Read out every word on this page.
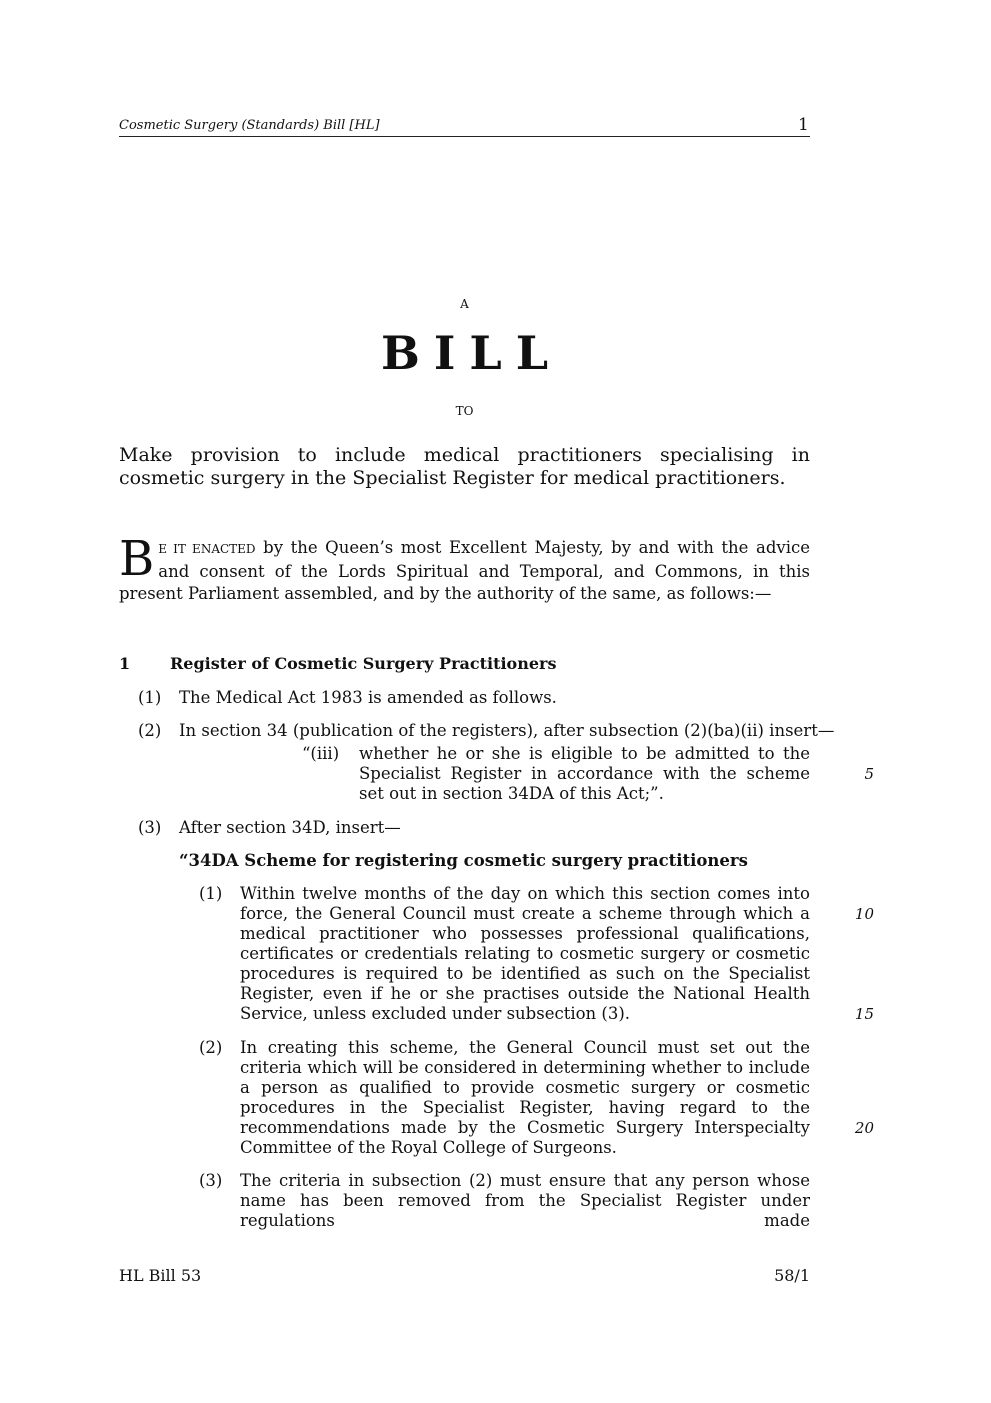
Cosmetic Surgery (Standards) Bill [HL]	1
A
BILL
TO
Make provision to include medical practitioners specialising in cosmetic surgery in the Specialist Register for medical practitioners.
B E IT ENACTED by the Queen’s most Excellent Majesty, by and with the advice and consent of the Lords Spiritual and Temporal, and Commons, in this present Parliament assembled, and by the authority of the same, as follows:—
1 Register of Cosmetic Surgery Practitioners
(1) The Medical Act 1983 is amended as follows.
(2) In section 34 (publication of the registers), after subsection (2)(ba)(ii) insert—
“(iii) whether he or she is eligible to be admitted to the Specialist Register in accordance with the scheme set out in section 34DA of this Act;”.
(3) After section 34D, insert—
“34DA Scheme for registering cosmetic surgery practitioners
(1) Within twelve months of the day on which this section comes into force, the General Council must create a scheme through which a medical practitioner who possesses professional qualifications, certificates or credentials relating to cosmetic surgery or cosmetic procedures is required to be identified as such on the Specialist Register, even if he or she practises outside the National Health Service, unless excluded under subsection (3).
(2) In creating this scheme, the General Council must set out the criteria which will be considered in determining whether to include a person as qualified to provide cosmetic surgery or cosmetic procedures in the Specialist Register, having regard to the recommendations made by the Cosmetic Surgery Interspecialty Committee of the Royal College of Surgeons.
(3) The criteria in subsection (2) must ensure that any person whose name has been removed from the Specialist Register under regulations made
5
10
15
20
HL Bill 53	58/1
